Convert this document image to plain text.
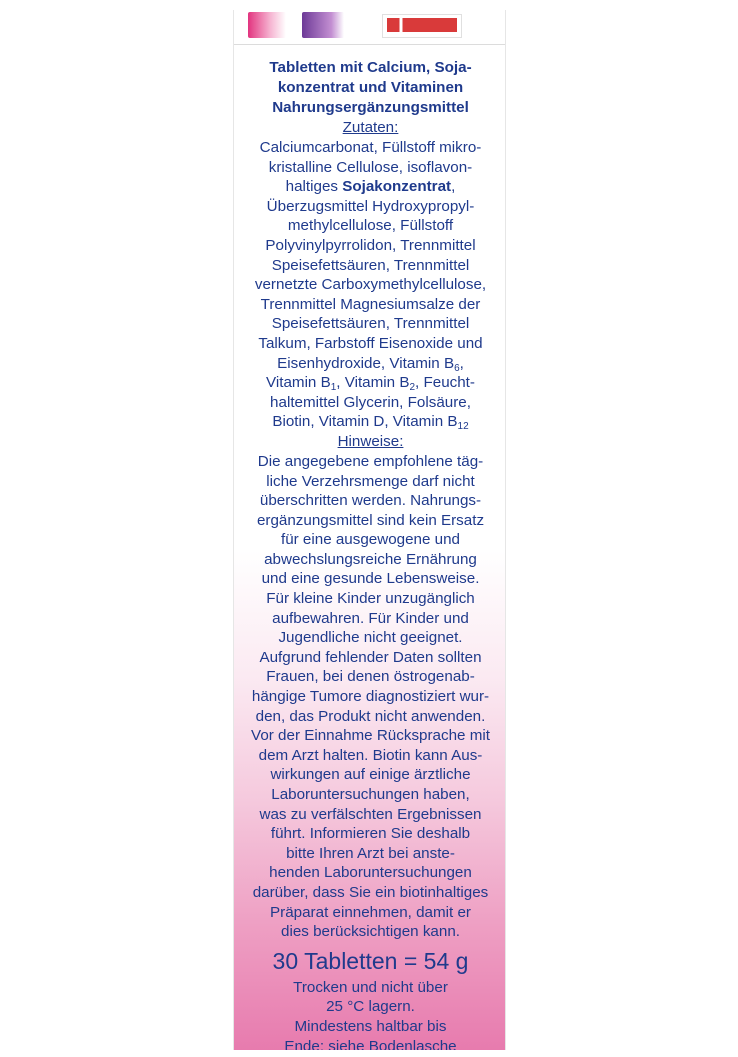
Tabletten mit Calcium, Soja-
konzentrat und Vitaminen
Nahrungsergänzungsmittel

Zutaten:

Calciumcarbonat, Füllstoff mikro-
kristalline Cellulose, isoflavon-
haltiges Sojakonzentrat,
Überzugsmittel Hydroxypropyl-
methylcellulose, Füllstoff
Polyvinylpyrrolidon, Trennmittel
Speisefettsäuren, Trennmittel
vernetzte Carboxymethylcellulose,
Trennmittel Magnesiumsalze der
Speisefettsäuren, Trennmittel
Talkum, Farbstoff Eisenoxide und
Eisenhydroxide, Vitamin $B_6$,
Vitamin $B_1$, Vitamin $B_2$, Feucht-
haltemittel Glycerin, Folsäure,
Biotin, Vitamin D, Vitamin $B_{12}$

Hinweise:

Die angegebene empfohlene täg-
liche Verzehrsmenge darf nicht
überschritten werden. Nahrungs-
ergänzungsmittel sind kein Ersatz
für eine ausgewogene und
abwechslungsreiche Ernährung
und eine gesunde Lebensweise.
Für kleine Kinder unzugänglich
aufbewahren. Für Kinder und
Jugendliche nicht geeignet.
Aufgrund fehlender Daten sollten
Frauen, bei denen östrogenab-
hängige Tumore diagnostiziert wur-
den, das Produkt nicht anwenden.
Vor der Einnahme Rücksprache mit
dem Arzt halten. Biotin kann Aus-
wirkungen auf einige ärztliche
Laboruntersuchungen haben,
was zu verfälschten Ergebnissen
führt. Informieren Sie deshalb
bitte Ihren Arzt bei anste-
henden Laboruntersuchungen
darüber, dass Sie ein biotinhaltiges
Präparat einnehmen, damit er
dies berücksichtigen kann.

30 Tabletten = 54 g

Trocken und nicht über
25 °C lagern.
Mindestens haltbar bis
Ende: siehe Bodenlasche
